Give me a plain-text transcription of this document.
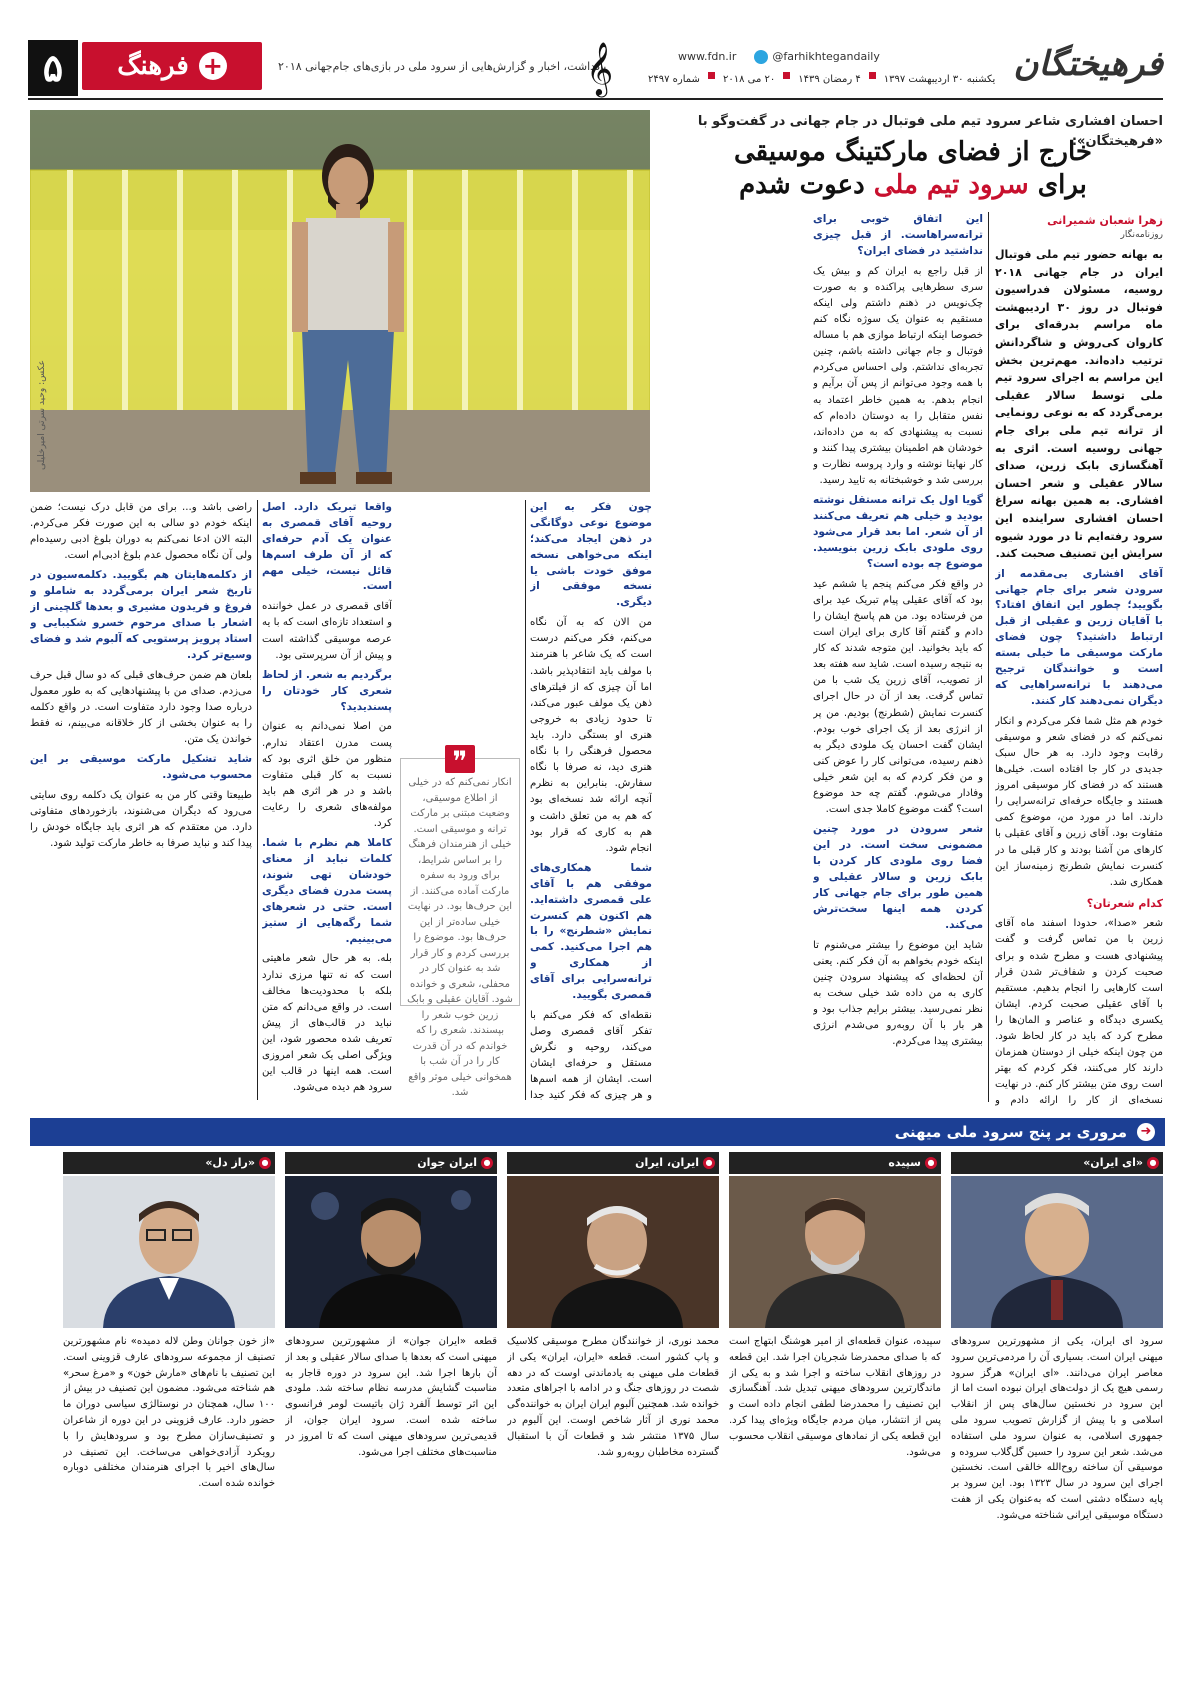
۵	+
فرهنگ	یادداشت، اخبار و گزارش‌هایی از سرود ملی در بازی‌های جام‌جهانی ۲۰۱۸
𝄞	www.fdn.ir	@farhikhtegandaily
یکشنبه ۳۰ اردیبهشت ۱۳۹۷
۴ رمضان ۱۴۳۹
۲۰ می ۲۰۱۸
شماره ۲۴۹۷	فرهیختگان
احسان افشاری شاعر سرود تیم ملی فوتبال در جام جهانی در گفت‌وگو با «فرهیختگان»:
خارج از فضای مارکتینگ موسیقی
برای سرود تیم ملی دعوت شدم
عکس: وحید سرتی امیرخلیلی
زهرا شعبان شمیرانی
روزنامه‌نگار

به بهانه حضور تیم ملی فوتبال ایران در جام جهانی ۲۰۱۸ روسیه، مسئولان فدراسیون فوتبال در روز ۳۰ اردیبهشت ماه مراسم بدرقه‌ای برای کاروان کی‌روش و شاگردانش ترتیب داده‌اند. مهم‌ترین بخش این مراسم به اجرای سرود تیم ملی توسط سالار عقیلی برمی‌گردد که به نوعی رونمایی از ترانه تیم ملی برای جام جهانی روسیه است. اثری به آهنگسازی بابک زرین، صدای سالار عقیلی و شعر احسان افشاری. به همین بهانه سراغ احسان افشاری سراینده این سرود رفته‌ایم تا در مورد شیوه سرایش این تصنیف صحبت کند.

آقای افشاری بی‌مقدمه از سرودن شعر برای جام جهانی بگویید؛ چطور این اتفاق افتاد؟ با آقایان زرین و عقیلی از قبل ارتباط داشتید؟ چون فضای مارکت موسیقی ما خیلی بسته است و خوانندگان ترجیح می‌دهند با ترانه‌سراهایی که دیگران نمی‌دهند کار کنند.

خودم هم مثل شما فکر می‌کردم و انکار نمی‌کنم که در فضای شعر و موسیقی رقابت وجود دارد. به هر حال سبک جدیدی در کار جا افتاده است. خیلی‌ها هستند که در فضای کار موسیقی امروز هستند و جایگاه حرفه‌ای ترانه‌سرایی را دارند. اما در مورد من، موضوع کمی متفاوت بود. آقای زرین و آقای عقیلی با کارهای من آشنا بودند و کار قبلی ما در کنسرت نمایش شطرنج زمینه‌ساز این همکاری شد.

کدام شعرتان؟

شعر «صدا»، حدودا اسفند ماه آقای زرین با من تماس گرفت و گفت پیشنهادی هست و مطرح شده و برای صحبت کردن و شفاف‌تر شدن قرار است کارهایی را انجام بدهیم. مستقیم با آقای عقیلی صحبت کردم. ایشان یکسری دیدگاه و عناصر و المان‌ها را مطرح کرد که باید در کار لحاظ شود. من چون اینکه خیلی از دوستان همزمان دارند کار می‌کنند، فکر کردم که بهتر است روی متن بیشتر کار کنم. در نهایت نسخه‌ای از کار را ارائه دادم و

این اتفاق خوبی برای ترانه‌سراهاست. از قبل چیزی نداشتید در فضای ایران؟

از قبل راجع به ایران کم و بیش یک سری سطرهایی پراکنده و به صورت چک‌نویس در ذهنم داشتم ولی اینکه مستقیم به عنوان یک سوژه نگاه کنم خصوصا اینکه ارتباط موازی هم با مساله فوتبال و جام جهانی داشته باشم، چنین تجربه‌ای نداشتم. ولی احساس می‌کردم با همه وجود می‌توانم از پس آن برآیم و انجام بدهم. به همین خاطر اعتماد به نفس متقابل را به دوستان داده‌ام که نسبت به پیشنهادی که به من داده‌اند، خودشان هم اطمینان بیشتری پیدا کنند و کار نهایتا نوشته و وارد پروسه نظارت و بررسی شد و خوشبختانه به تایید رسید.

گویا اول یک ترانه مستقل نوشته بودید و خیلی هم تعریف می‌کنند از آن شعر. اما بعد قرار می‌شود روی ملودی بابک زرین بنویسید. موضوع چه بوده است؟

در واقع فکر می‌کنم پنجم یا ششم عید بود که آقای عقیلی پیام تبریک عید برای من فرستاده بود. من هم پاسخ ایشان را دادم و گفتم آقا کاری برای ایران است که باید بخوانید. این متوجه شدند که کار به نتیجه رسیده است. شاید سه هفته بعد از تصویب، آقای زرین یک شب با من تماس گرفت. بعد از آن در حال اجرای کنسرت نمایش (شطرنج) بودیم. من پر از انرژی بعد از یک اجرای خوب بودم. ایشان گفت احسان یک ملودی دیگر به ذهنم رسیده، می‌توانی کار را عوض کنی و من فکر کردم که به این شعر خیلی وفادار می‌شوم. گفتم چه حد موضوع است؟ گفت موضوع کاملا جدی است.

شعر سرودن در مورد چنین مضمونی سخت است. در این فضا روی ملودی کار کردن با بابک زرین و سالار عقیلی و همین طور برای جام جهانی کار کردن همه اینها سخت‌ترش می‌کند.

شاید این موضوع را بیشتر می‌شنوم تا اینکه خودم بخواهم به آن فکر کنم. یعنی آن لحظه‌ای که پیشنهاد سرودن چنین کاری به من داده شد خیلی سخت به نظر نمی‌رسید. بیشتر برایم جذاب بود و هر بار با آن روبه‌رو می‌شدم انرژی بیشتری پیدا می‌کردم.

چون فکر به این موضوع نوعی دوگانگی در ذهن ایجاد می‌کند؛ اینکه می‌خواهی نسخه موفق خودت باشی یا نسخه موفقی از دیگری.

من الان که به آن نگاه می‌کنم، فکر می‌کنم درست است که یک شاعر با هنرمند با مولف باید انتقادپذیر باشد. اما آن چیزی که از فیلترهای ذهن یک مولف عبور می‌کند، تا حدود زیادی به خروجی هنری او بستگی دارد. باید محصول فرهنگی را با نگاه هنری دید، نه صرفا با نگاه سفارش. بنابراین به نظرم آنچه ارائه شد نسخه‌ای بود که هم به من تعلق داشت و هم به کاری که قرار بود انجام شود.

شما همکاری‌های موفقی هم با آقای علی قمصری داشته‌اید. هم اکنون هم کنسرت نمایش «شطرنج» را با هم اجرا می‌کنید. کمی از همکاری و ترانه‌سرایی برای آقای قمصری بگویید.

نقطه‌ای که فکر می‌کنم با تفکر آقای قمصری وصل می‌کند، روحیه و نگرش مستقل و حرفه‌ای ایشان است. ایشان از همه اسم‌ها و هر چیزی که فکر کنید جدا

واقعا تبریک دارد. اصل روحیه آقای قمصری به عنوان یک آدم حرفه‌ای که از آن طرف اسم‌ها قائل نیست، خیلی مهم است.

آقای قمصری در عمل خواننده و استعداد تازه‌ای است که با یه عرصه موسیقی گذاشته است و پیش از آن سرپرستی بود.

برگردیم به شعر. از لحاظ شعری کار خودتان را پسندیدید؟

من اصلا نمی‌دانم به عنوان پست مدرن اعتقاد ندارم. منظور من خلق اثری بود که نسبت به کار قبلی متفاوت باشد و در هر اثری هم باید مولفه‌های شعری را رعایت کرد.

کاملا هم نظرم با شما. کلمات نباید از معنای خودشان تهی شوند، پست مدرن فضای دیگری است. حتی در شعرهای شما رگه‌هایی از ستیز می‌بینیم.

بله. به هر حال شعر ماهیتی است که نه تنها مرزی ندارد بلکه با محدودیت‌ها مخالف است. در واقع می‌دانم که متن نباید در قالب‌های از پیش تعریف شده محصور شود، این ویژگی اصلی یک شعر امروزی است. همه اینها در قالب این سرود هم دیده می‌شود.

❞

انکار نمی‌کنم که در خیلی از اطلاع موسیقی، وضعیت مبتنی بر مارکت ترانه و موسیقی است. خیلی از هنرمندان فرهنگ را بر اساس شرایط، برای ورود به سفره مارکت آماده می‌کنند. از این حرف‌ها بود. در نهایت خیلی ساده‌تر از این حرف‌ها بود. موضوع را بررسی کردم و کار قرار شد به عنوان کار در محفلی، شعری و خوانده شود. آقایان عقیلی و بابک زرین خوب شعر را بپسندند. شعری را که خواندم که در آن قدرت کار را در آن شب با همخوانی خیلی موثر واقع شد.

راضی باشد و... برای من قابل درک نیست؛ ضمن اینکه خودم دو سالی به این صورت فکر می‌کردم. البته الان ادعا نمی‌کنم به دوران بلوغ ادبی رسیده‌ام ولی آن نگاه محصول عدم بلوغ ادبی‌ام است.

از دکلمه‌هایتان هم بگویید. دکلمه‌سیون در تاریخ شعر ایران برمی‌گردد به شاملو و فروغ و فریدون مشیری و بعدها گلچینی از اشعار با صدای مرحوم خسرو شکیبایی و استاد پرویز پرستویی که آلبوم شد و فضای وسیع‌تر کرد.

بلعان هم ضمن حرف‌های قبلی که دو سال قبل حرف می‌زدم. صدای من با پیشنهادهایی که به طور معمول درباره صدا وجود دارد متفاوت است. در واقع دکلمه را به عنوان بخشی از کار خلاقانه می‌بینم، نه فقط خواندن یک متن.

شاید تشکیل مارکت موسیقی بر این محسوب می‌شود.

طبیعتا وقتی کار من به عنوان یک دکلمه روی سایتی می‌رود که دیگران می‌شنوند، بازخوردهای متفاوتی دارد. من معتقدم که هر اثری باید جایگاه خودش را پیدا کند و نباید صرفا به خاطر مارکت تولید شود.

➜
مروری بر پنج سرود ملی میهنی
●
«ای ایران»
سرود ای ایران، یکی از مشهورترین سرودهای میهنی ایران است. بسیاری آن را مردمی‌ترین سرود معاصر ایران می‌دانند. «ای ایران» هرگز سرود رسمی هیچ یک از دولت‌های ایران نبوده است اما از این سرود در نخستین سال‌های پس از انقلاب اسلامی و با پیش از گزارش تصویب سرود ملی جمهوری اسلامی، به عنوان سرود ملی استفاده می‌شد. شعر این سرود را حسین گل‌گلاب سروده و موسیقی آن ساخته روح‌الله خالقی است. نخستین اجرای این سرود در سال ۱۳۲۳ بود. این سرود بر پایه دستگاه دشتی است که به‌عنوان یکی از هفت دستگاه موسیقی ایرانی شناخته می‌شود.
●
سپیده
سپیده، عنوان قطعه‌ای از امیر هوشنگ ابتهاج است که با صدای محمدرضا شجریان اجرا شد. این قطعه در روزهای انقلاب ساخته و اجرا شد و به یکی از ماندگارترین سرودهای میهنی تبدیل شد. آهنگسازی این تصنیف را محمدرضا لطفی انجام داده است و پس از انتشار، میان مردم جایگاه ویژه‌ای پیدا کرد. این قطعه یکی از نمادهای موسیقی انقلاب محسوب می‌شود.
●
ایران، ایران
محمد نوری، از خوانندگان مطرح موسیقی کلاسیک و پاپ کشور است. قطعه «ایران، ایران» یکی از قطعات ملی میهنی به یادماندنی اوست که در دهه شصت در روزهای جنگ و در ادامه با اجراهای متعدد خوانده شد. همچنین آلبوم ایران ایران به خواننده‌گی محمد نوری از آثار شاخص اوست. این آلبوم در سال ۱۳۷۵ منتشر شد و قطعات آن با استقبال گسترده مخاطبان روبه‌رو شد.
●
ایران جوان
قطعه «ایران جوان» از مشهورترین سرودهای میهنی است که بعدها با صدای سالار عقیلی و بعد از آن بارها اجرا شد. این سرود در دوره قاجار به مناسبت گشایش مدرسه نظام ساخته شد. ملودی این اثر توسط آلفرد ژان باتیست لومر فرانسوی ساخته شده است. سرود ایران جوان، از قدیمی‌ترین سرودهای میهنی است که تا امروز در مناسبت‌های مختلف اجرا می‌شود.
●
«راز دل»
«از خون جوانان وطن لاله دمیده» نام مشهورترین تصنیف از مجموعه سرودهای عارف قزوینی است. این تصنیف با نام‌های «مارش خون» و «مرغ سحر» هم شناخته می‌شود. مضمون این تصنیف در بیش از ۱۰۰ سال، همچنان در نوستالژی سیاسی دوران ما حضور دارد. عارف قزوینی در این دوره از شاعران و تصنیف‌سازان مطرح بود و سرودهایش را با رویکرد آزادی‌خواهی می‌ساخت. این تصنیف در سال‌های اخیر با اجرای هنرمندان مختلفی دوباره خوانده شده است.
